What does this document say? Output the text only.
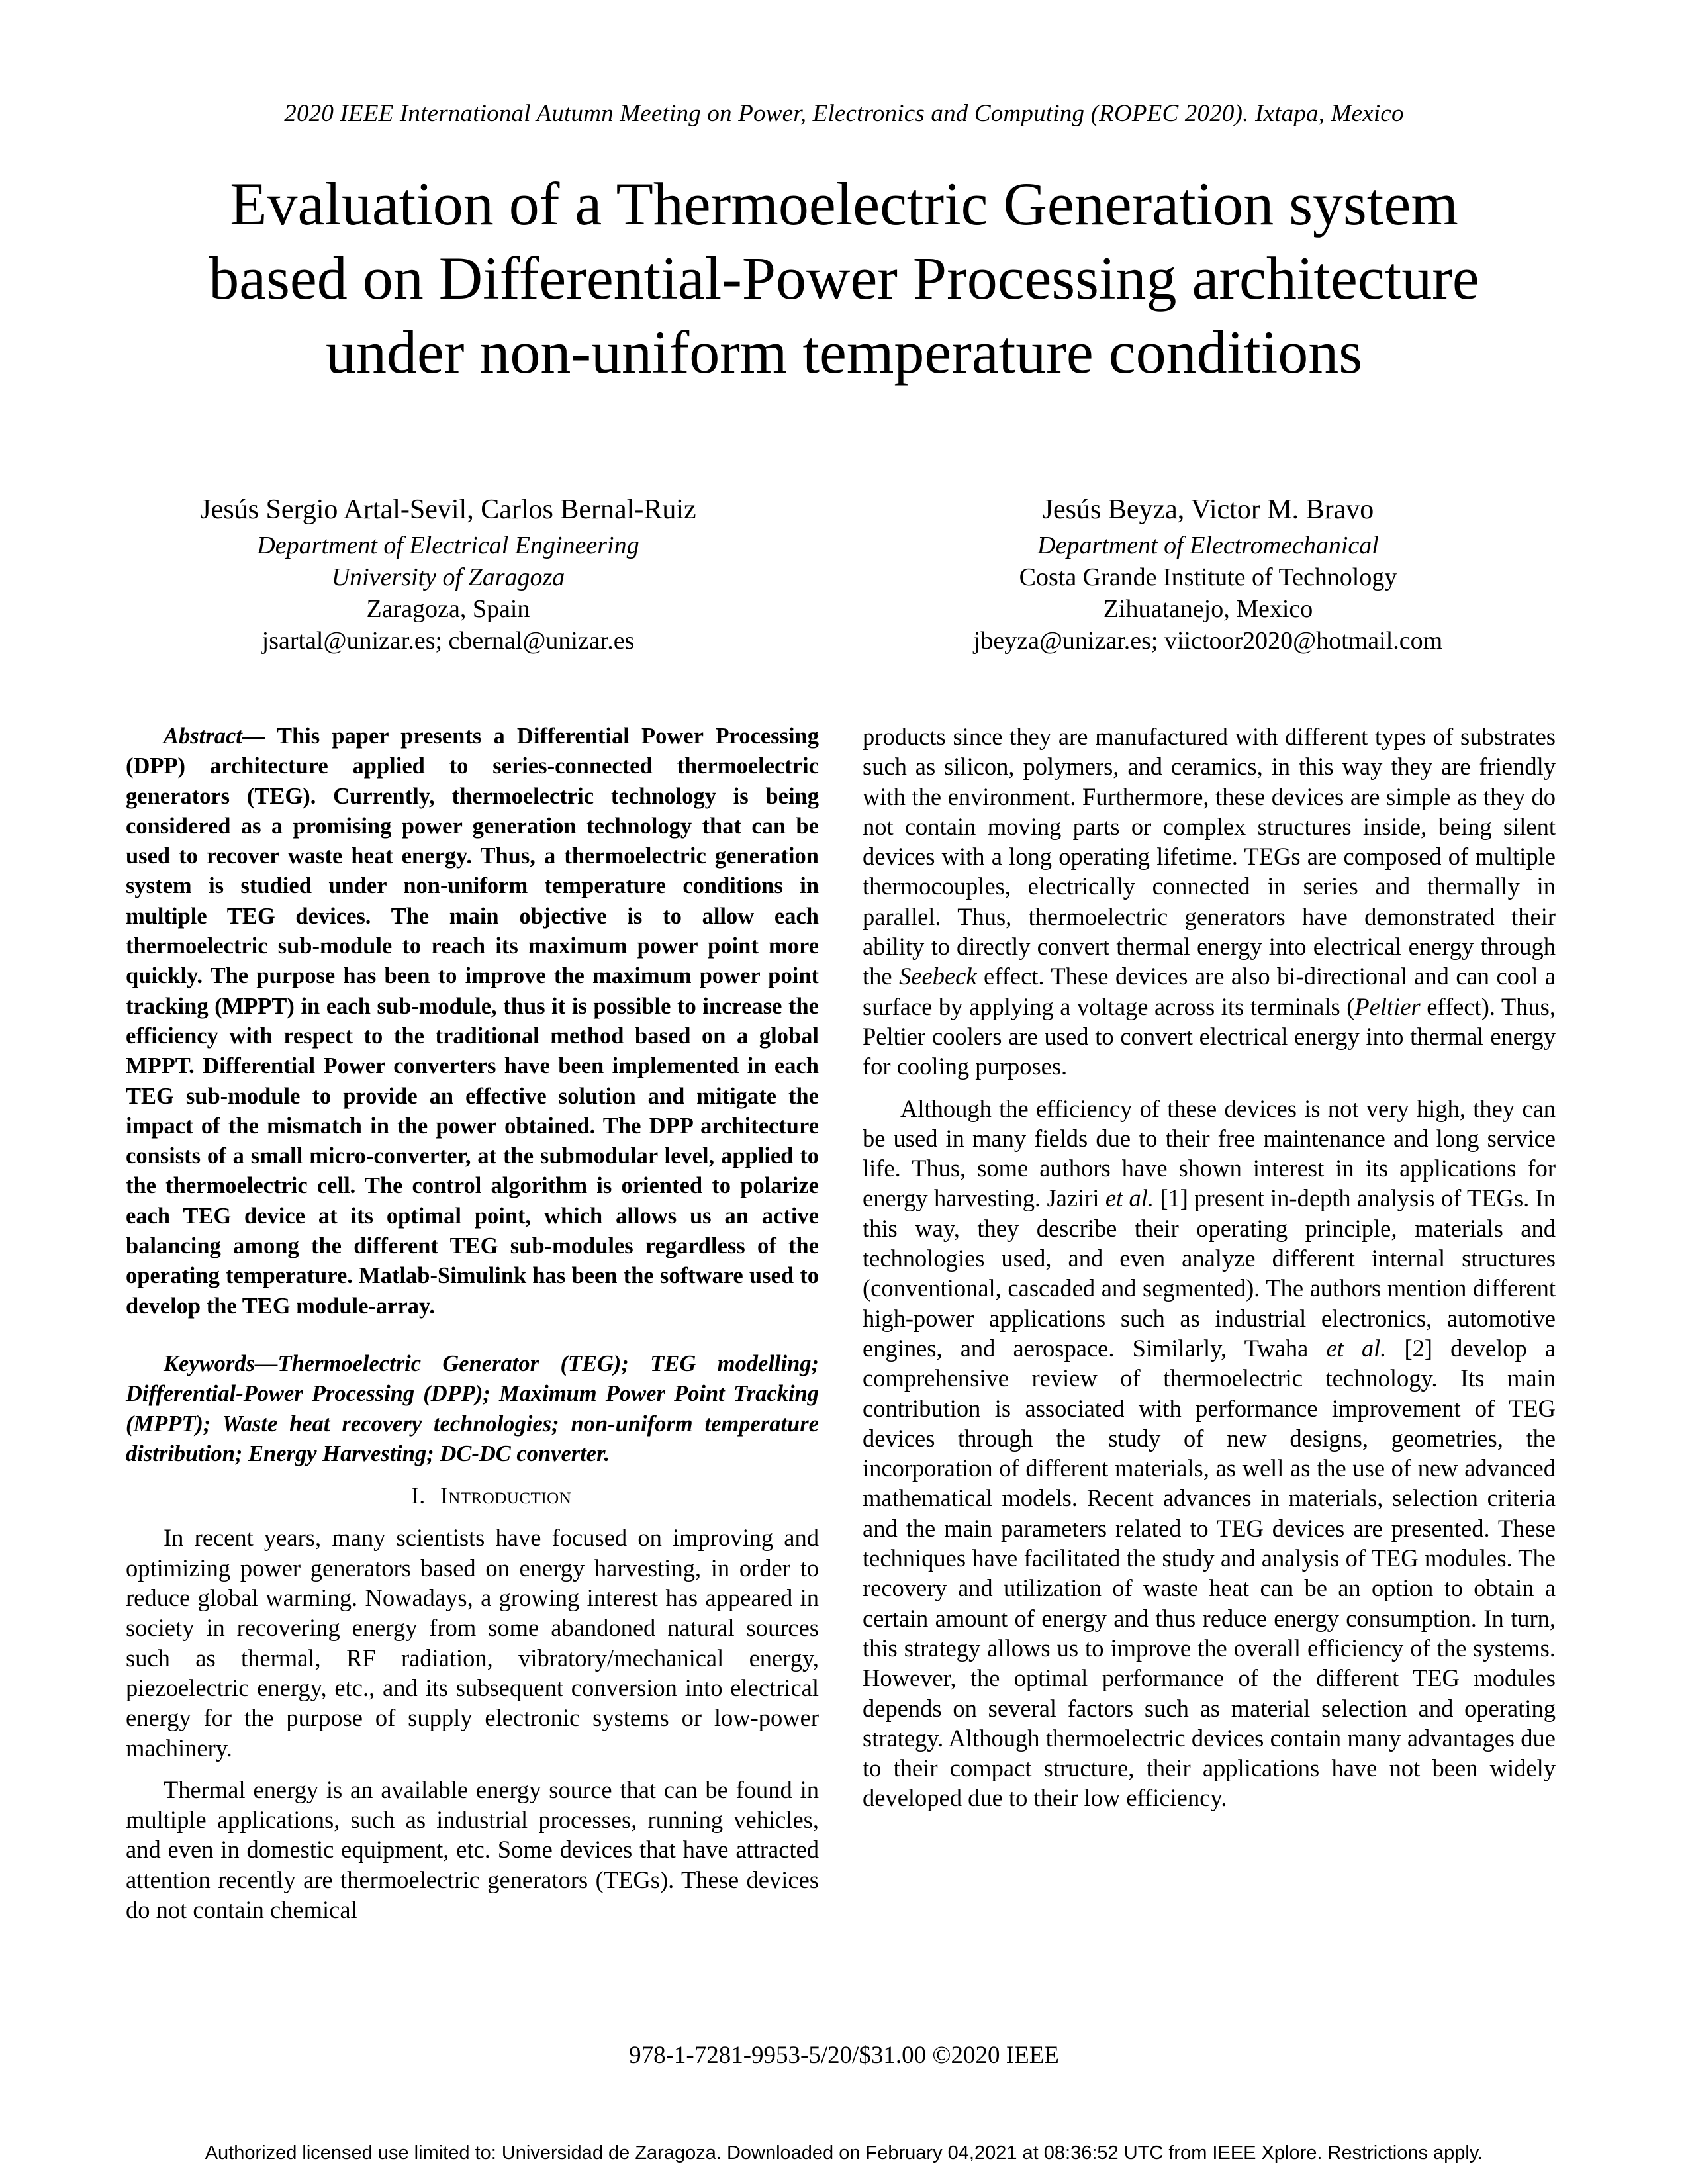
2020 IEEE International Autumn Meeting on Power, Electronics and Computing (ROPEC 2020). Ixtapa, Mexico
Evaluation of a Thermoelectric Generation system
based on Differential-Power Processing architecture
under non-uniform temperature conditions
Jesús Sergio Artal-Sevil, Carlos Bernal-Ruiz
Department of Electrical Engineering
University of Zaragoza
Zaragoza, Spain
jsartal@unizar.es; cbernal@unizar.es
Jesús Beyza, Victor M. Bravo
Department of Electromechanical
Costa Grande Institute of Technology
Zihuatanejo, Mexico
jbeyza@unizar.es; viictoor2020@hotmail.com

Abstract— This paper presents a Differential Power Processing (DPP) architecture applied to series-connected thermoelectric generators (TEG). Currently, thermoelectric technology is being considered as a promising power generation technology that can be used to recover waste heat energy. Thus, a thermoelectric generation system is studied under non-uniform temperature conditions in multiple TEG devices. The main objective is to allow each thermoelectric sub-module to reach its maximum power point more quickly. The purpose has been to improve the maximum power point tracking (MPPT) in each sub-module, thus it is possible to increase the efficiency with respect to the traditional method based on a global MPPT. Differential Power converters have been implemented in each TEG sub-module to provide an effective solution and mitigate the impact of the mismatch in the power obtained. The DPP architecture consists of a small micro-converter, at the submodular level, applied to the thermoelectric cell. The control algorithm is oriented to polarize each TEG device at its optimal point, which allows us an active balancing among the different TEG sub-modules regardless of the operating temperature. Matlab-Simulink has been the software used to develop the TEG module-array.

Keywords—Thermoelectric Generator (TEG); TEG modelling; Differential-Power Processing (DPP); Maximum Power Point Tracking (MPPT); Waste heat recovery technologies; non-uniform temperature distribution; Energy Harvesting; DC-DC converter.

I. Introduction

In recent years, many scientists have focused on improving and optimizing power generators based on energy harvesting, in order to reduce global warming. Nowadays, a growing interest has appeared in society in recovering energy from some abandoned natural sources such as thermal, RF radiation, vibratory/mechanical energy, piezoelectric energy, etc., and its subsequent conversion into electrical energy for the purpose of supply electronic systems or low-power machinery.

Thermal energy is an available energy source that can be found in multiple applications, such as industrial processes, running vehicles, and even in domestic equipment, etc. Some devices that have attracted attention recently are thermoelectric generators (TEGs). These devices do not contain chemical

products since they are manufactured with different types of substrates such as silicon, polymers, and ceramics, in this way they are friendly with the environment. Furthermore, these devices are simple as they do not contain moving parts or complex structures inside, being silent devices with a long operating lifetime. TEGs are composed of multiple thermocouples, electrically connected in series and thermally in parallel. Thus, thermoelectric generators have demonstrated their ability to directly convert thermal energy into electrical energy through the Seebeck effect. These devices are also bi-directional and can cool a surface by applying a voltage across its terminals (Peltier effect). Thus, Peltier coolers are used to convert electrical energy into thermal energy for cooling purposes.

Although the efficiency of these devices is not very high, they can be used in many fields due to their free maintenance and long service life. Thus, some authors have shown interest in its applications for energy harvesting. Jaziri et al. [1] present in-depth analysis of TEGs. In this way, they describe their operating principle, materials and technologies used, and even analyze different internal structures (conventional, cascaded and segmented). The authors mention different high-power applications such as industrial electronics, automotive engines, and aerospace. Similarly, Twaha et al. [2] develop a comprehensive review of thermoelectric technology. Its main contribution is associated with performance improvement of TEG devices through the study of new designs, geometries, the incorporation of different materials, as well as the use of new advanced mathematical models. Recent advances in materials, selection criteria and the main parameters related to TEG devices are presented. These techniques have facilitated the study and analysis of TEG modules. The recovery and utilization of waste heat can be an option to obtain a certain amount of energy and thus reduce energy consumption. In turn, this strategy allows us to improve the overall efficiency of the systems. However, the optimal performance of the different TEG modules depends on several factors such as material selection and operating strategy. Although thermoelectric devices contain many advantages due to their compact structure, their applications have not been widely developed due to their low efficiency.

978-1-7281-9953-5/20/$31.00 ©2020 IEEE
Authorized licensed use limited to: Universidad de Zaragoza. Downloaded on February 04,2021 at 08:36:52 UTC from IEEE Xplore. Restrictions apply.
